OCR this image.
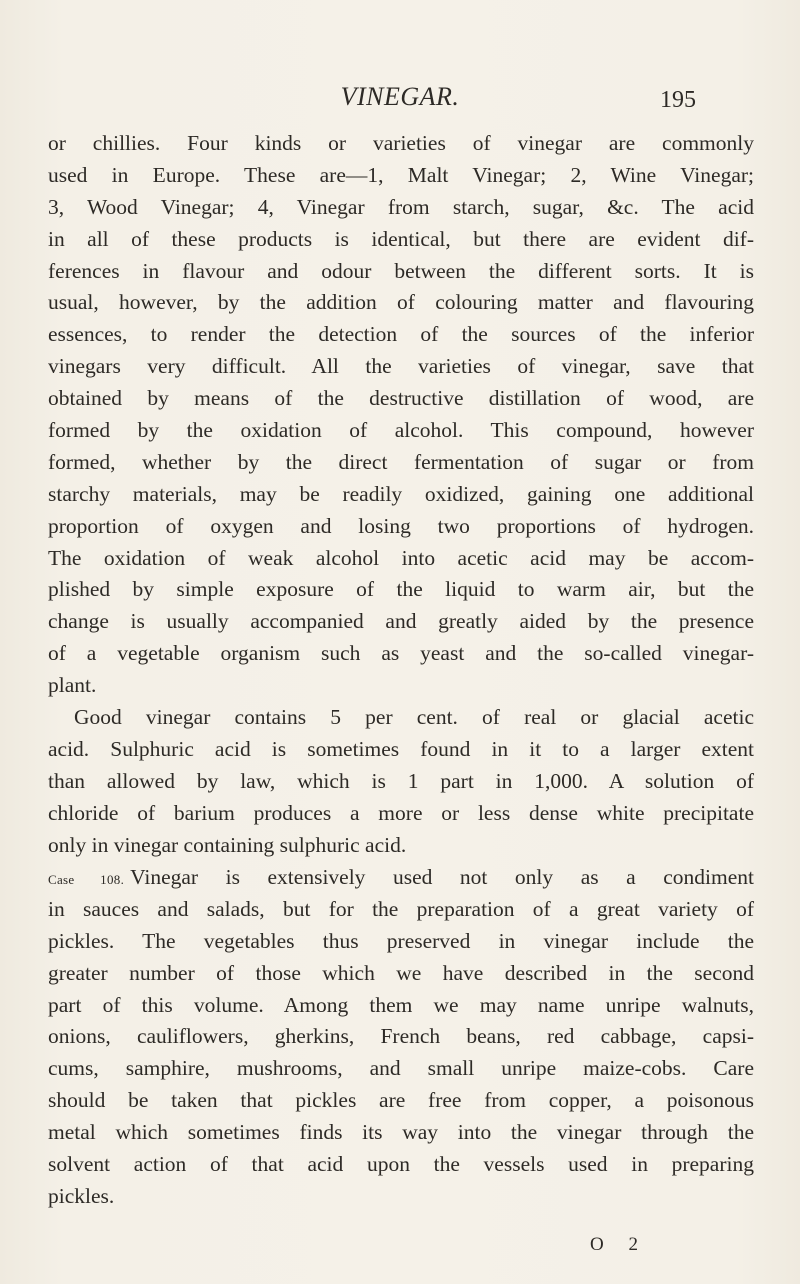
VINEGAR.	195
or chillies. Four kinds or varieties of vinegar are commonly
used in Europe. These are—1, Malt Vinegar; 2, Wine Vinegar;
3, Wood Vinegar; 4, Vinegar from starch, sugar, &c. The acid
in all of these products is identical, but there are evident dif-
ferences in flavour and odour between the different sorts. It is
usual, however, by the addition of colouring matter and flavouring
essences, to render the detection of the sources of the inferior
vinegars very difficult. All the varieties of vinegar, save that
obtained by means of the destructive distillation of wood, are
formed by the oxidation of alcohol. This compound, however
formed, whether by the direct fermentation of sugar or from
starchy materials, may be readily oxidized, gaining one additional
proportion of oxygen and losing two proportions of hydrogen.
The oxidation of weak alcohol into acetic acid may be accom-
plished by simple exposure of the liquid to warm air, but the
change is usually accompanied and greatly aided by the presence
of a vegetable organism such as yeast and the so-called vinegar-
plant.
Good vinegar contains 5 per cent. of real or glacial acetic
acid. Sulphuric acid is sometimes found in it to a larger extent
than allowed by law, which is 1 part in 1,000. A solution of
chloride of barium produces a more or less dense white precipitate
only in vinegar containing sulphuric acid.
Case 108. Vinegar is extensively used not only as a condiment
in sauces and salads, but for the preparation of a great variety of
pickles. The vegetables thus preserved in vinegar include the
greater number of those which we have described in the second
part of this volume. Among them we may name unripe walnuts,
onions, cauliflowers, gherkins, French beans, red cabbage, capsi-
cums, samphire, mushrooms, and small unripe maize-cobs. Care
should be taken that pickles are free from copper, a poisonous
metal which sometimes finds its way into the vinegar through the
solvent action of that acid upon the vessels used in preparing
pickles.
O 2
